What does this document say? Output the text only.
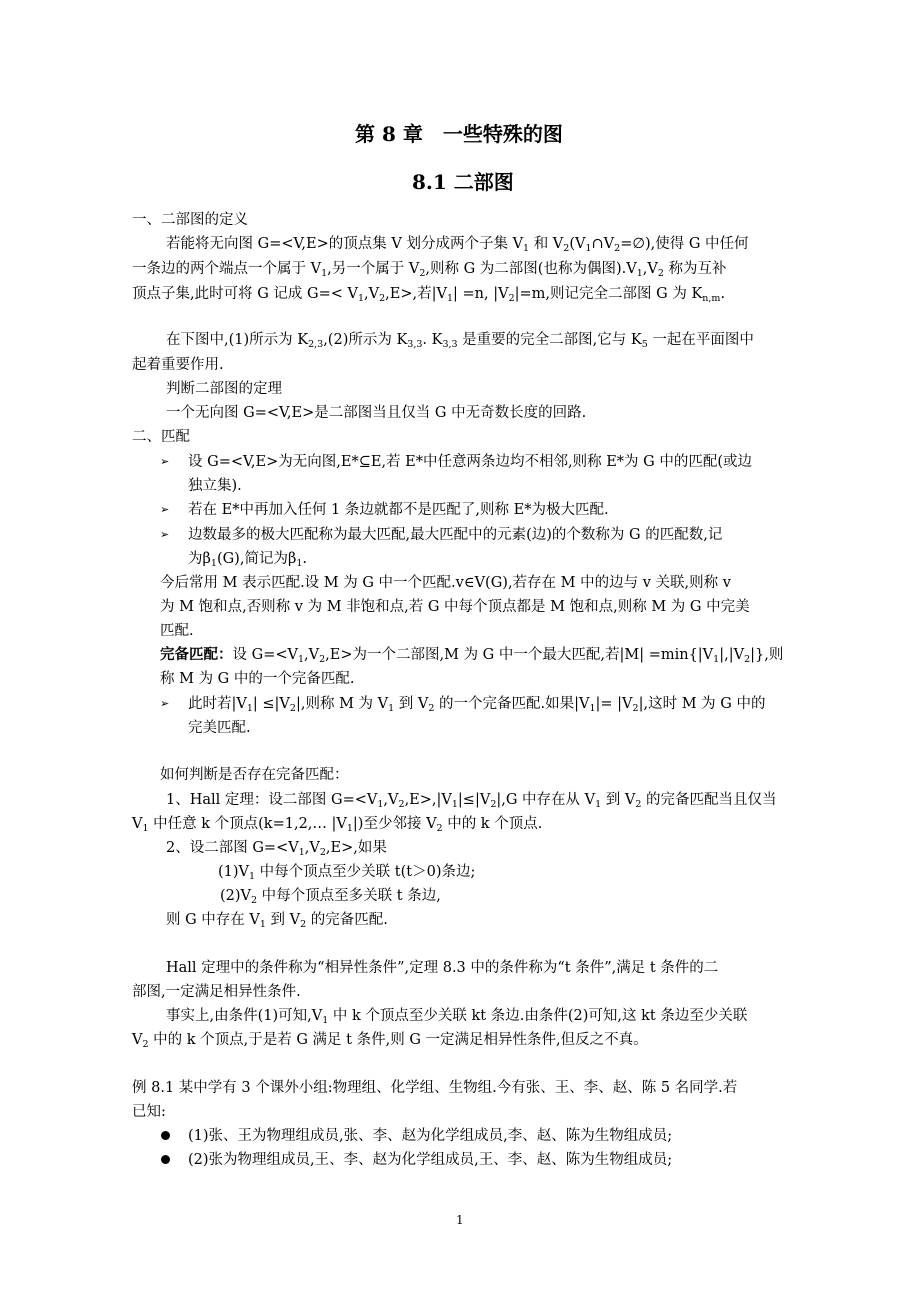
第 8 章　一些特殊的图
8.1 二部图
一、二部图的定义
若能将无向图 G=<V,E>的顶点集 V 划分成两个子集 $V_1$ 和 $V_2(V_1\cap V_2=\emptyset)$,使得 G 中任何
一条边的两个端点一个属于 $V_1$,另一个属于 $V_2$,则称 G 为二部图(也称为偶图)$.V_1,V_2$ 称为互补
顶点子集,此时可将 G 记成 $G=< V_1,V_2,E>$,若$|V_1| =n$, $|V_2|=m$,则记完全二部图 G 为 $K_{n,m}$.
在下图中,(1)所示为 $K_{2,3},(2)$所示为 $K_{3,3}$. $K_{3,3}$ 是重要的完全二部图,它与 $K_5$ 一起在平面图中
起着重要作用.
判断二部图的定理
一个无向图 G=<V,E>是二部图当且仅当 G 中无奇数长度的回路.
二、匹配
➢ 设 G=<V,E>为无向图,E*⊆E,若 E*中任意两条边均不相邻,则称 E*为 G 中的匹配(或边
独立集).
➢ 若在 E*中再加入任何 1 条边就都不是匹配了,则称 E*为极大匹配.
➢ 边数最多的极大匹配称为最大匹配,最大匹配中的元素(边)的个数称为 G 的匹配数,记
为$\beta_1(G)$,简记为$\beta_1$.
今后常用 M 表示匹配.设 M 为 G 中一个匹配.v∈V(G),若存在 M 中的边与 v 关联,则称 v
为 M 饱和点,否则称 v 为 M 非饱和点,若 G 中每个顶点都是 M 饱和点,则称 M 为 G 中完美
匹配.
完备匹配：设 $G=<V_1,V_2,E>$为一个二部图,M 为 G 中一个最大匹配,若$|M| =\min\{|V_1|,|V_2|\}$,则
称 M 为 G 中的一个完备匹配.
➢ 此时若$|V_1| \le|V_2|$,则称 M 为 $V_1$ 到 $V_2$ 的一个完备匹配.如果$|V_1|= |V_2|$,这时 M 为 G 中的
完美匹配.
如何判断是否存在完备匹配：
1、Hall 定理：设二部图 $G=<V_1,V_2,E>,|V_1|\le|V_2|,G$ 中存在从 $V_1$ 到 $V_2$ 的完备匹配当且仅当
$V_1$ 中任意 k 个顶点(k=1,2,… $|V_1|$)至少邻接 $V_2$ 中的 k 个顶点.
2、设二部图 $G=<V_1,V_2,E>$,如果
$(1)V_1$ 中每个顶点至少关联 t(t＞0)条边;
$(2)V_2$ 中每个顶点至多关联 t 条边,
则 G 中存在 $V_1$ 到 $V_2$ 的完备匹配.
Hall 定理中的条件称为“相异性条件”,定理 8.3 中的条件称为“t 条件”,满足 t 条件的二
部图,一定满足相异性条件.
事实上,由条件(1)可知$,V_1$ 中 k 个顶点至少关联 kt 条边.由条件(2)可知,这 kt 条边至少关联
$V_2$ 中的 k 个顶点,于是若 G 满足 t 条件,则 G 一定满足相异性条件,但反之不真。
例 8.1 某中学有 3 个课外小组:物理组、化学组、生物组.今有张、王、李、赵、陈 5 名同学.若
已知:
(1)张、王为物理组成员,张、李、赵为化学组成员,李、赵、陈为生物组成员;
(2)张为物理组成员,王、李、赵为化学组成员,王、李、赵、陈为生物组成员;
1
